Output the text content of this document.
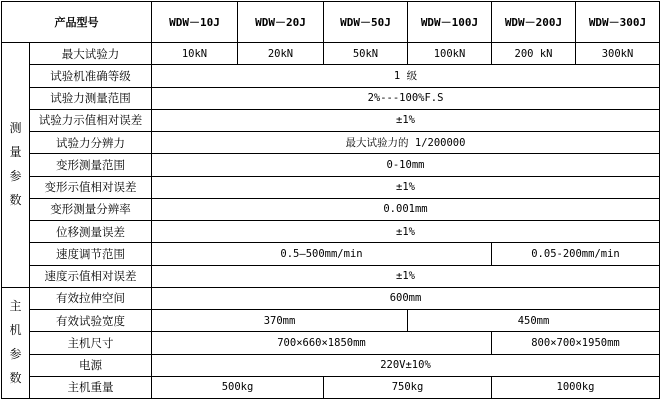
产品型号		WDW－10J	WDW－20J	WDW－50J	WDW－100J	WDW－200J	WDW－300J
测量参数	最大试验力	10kN	20kN	50kN	100kN	200 kN	300kN
	试验机准确等级	1 级					
	试验力测量范围	2%---100%F.S					
	试验力示值相对误差	±1%					
	试验力分辨力	最大试验力的 1/200000					
	变形测量范围	0-10mm					
	变形示值相对误差	±1%					
	变形测量分辨率	0.001mm					
	位移测量误差	±1%					
	速度调节范围	0.5—500mm/min				0.05-200mm/min	
	速度示值相对误差	±1%					
主机参数	有效拉伸空间	600mm					
	有效试验宽度	370mm			450mm		
	主机尺寸	700×660×1850mm				800×700×1950mm	
	电源	220V±10%					
	主机重量	500kg		750kg		1000kg	
